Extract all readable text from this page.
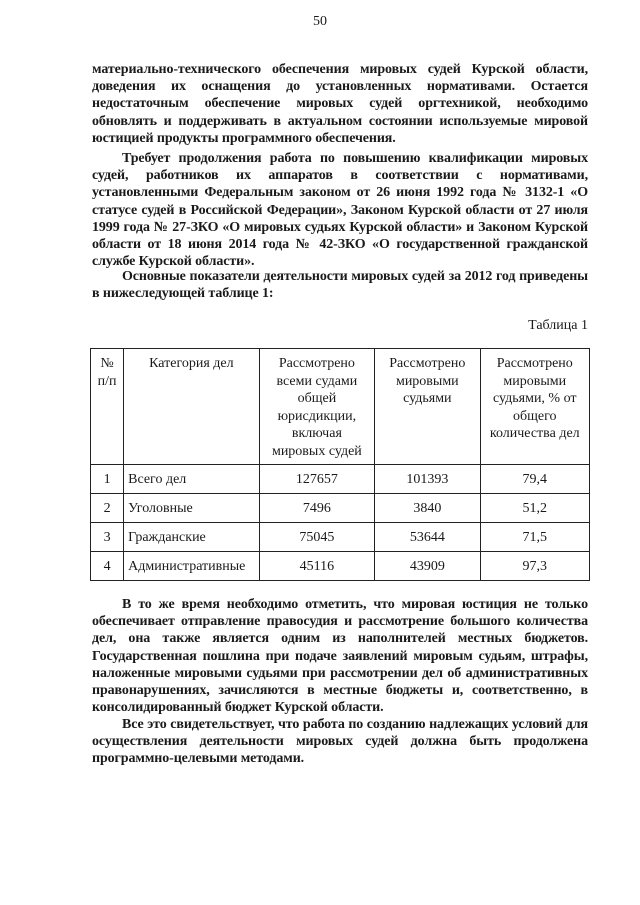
50

материально-технического обеспечения мировых судей Курской области, доведения их оснащения до установленных нормативами. Остается недостаточным обеспечение мировых судей оргтехникой, необходимо обновлять и поддерживать в актуальном состоянии используемые мировой юстицией продукты программного обеспечения.

Требует продолжения работа по повышению квалификации мировых судей, работников их аппаратов в соответствии с нормативами, установленными Федеральным законом от 26 июня 1992 года № 3132-1 «О статусе судей в Российской Федерации», Законом Курской области от 27 июля 1999 года № 27-ЗКО «О мировых судьях Курской области» и Законом Курской области от 18 июня 2014 года № 42-ЗКО «О государственной гражданской службе Курской области».

Основные показатели деятельности мировых судей за 2012 год приведены в нижеследующей таблице 1:

Таблица 1
№ п/п	Категория дел	Рассмотрено всеми судами общей юрисдикции, включая мировых судей	Рассмотрено мировыми судьями	Рассмотрено мировыми судьями, % от общего количества дел
1	Всего дел	127657	101393	79,4
2	Уголовные	7496	3840	51,2
3	Гражданские	75045	53644	71,5
4	Административные	45116	43909	97,3

В то же время необходимо отметить, что мировая юстиция не только обеспечивает отправление правосудия и рассмотрение большого количества дел, она также является одним из наполнителей местных бюджетов. Государственная пошлина при подаче заявлений мировым судьям, штрафы, наложенные мировыми судьями при рассмотрении дел об административных правонарушениях, зачисляются в местные бюджеты и, соответственно, в консолидированный бюджет Курской области.

Все это свидетельствует, что работа по созданию надлежащих условий для осуществления деятельности мировых судей должна быть продолжена программно-целевыми методами.
